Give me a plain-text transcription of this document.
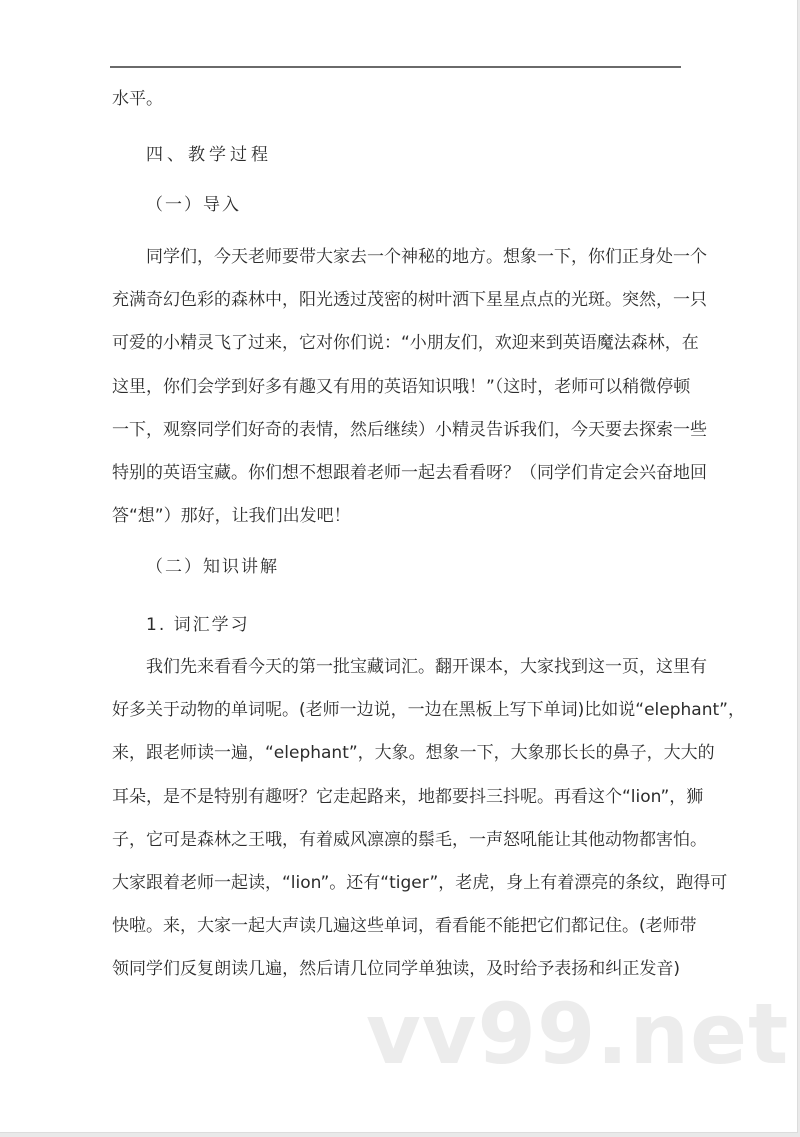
水平。
四、教学过程
（一）导入
同学们，今天老师要带大家去一个神秘的地方。想象一下，你们正身处一个
充满奇幻色彩的森林中，阳光透过茂密的树叶洒下星星点点的光斑。突然，一只
可爱的小精灵飞了过来，它对你们说：“小朋友们，欢迎来到英语魔法森林，在
这里，你们会学到好多有趣又有用的英语知识哦！”（这时，老师可以稍微停顿
一下，观察同学们好奇的表情，然后继续）小精灵告诉我们，今天要去探索一些
特别的英语宝藏。你们想不想跟着老师一起去看看呀？（同学们肯定会兴奋地回
答“想”）那好，让我们出发吧！
（二）知识讲解
1. 词汇学习
我们先来看看今天的第一批宝藏词汇。翻开课本，大家找到这一页，这里有
好多关于动物的单词呢。(老师一边说，一边在黑板上写下单词)比如说“elephant”，
来，跟老师读一遍，“elephant”，大象。想象一下，大象那长长的鼻子，大大的
耳朵，是不是特别有趣呀？它走起路来，地都要抖三抖呢。再看这个“lion”，狮
子，它可是森林之王哦，有着威风凛凛的鬃毛，一声怒吼能让其他动物都害怕。
大家跟着老师一起读，“lion”。还有“tiger”，老虎，身上有着漂亮的条纹，跑得可
快啦。来，大家一起大声读几遍这些单词，看看能不能把它们都记住。(老师带
领同学们反复朗读几遍，然后请几位同学单独读，及时给予表扬和纠正发音)
vv99.net
